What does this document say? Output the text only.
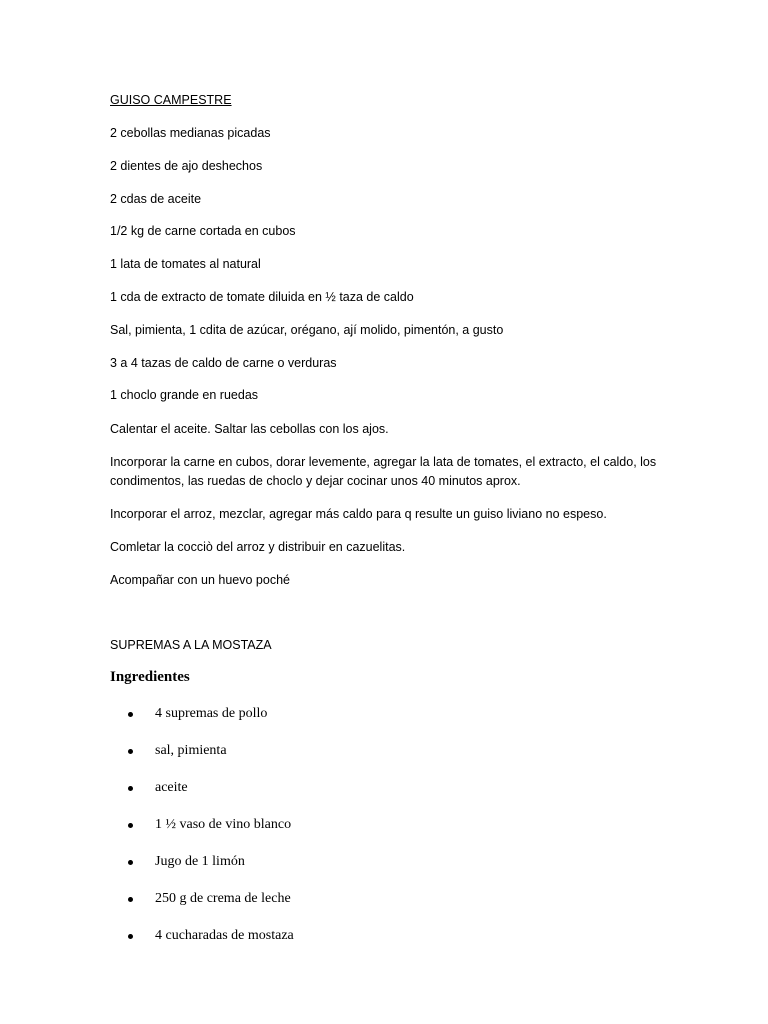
GUISO CAMPESTRE
2 cebollas medianas picadas
2 dientes de ajo deshechos
2 cdas de aceite
1/2 kg de carne cortada en cubos
1 lata de tomates al natural
1 cda de extracto de tomate diluida en ½ taza de caldo
Sal, pimienta, 1 cdita de azúcar, orégano, ají molido, pimentón, a gusto
3 a 4 tazas de caldo de carne o verduras
1 choclo grande en ruedas
Calentar el aceite. Saltar las cebollas con los ajos.
Incorporar la carne en cubos, dorar levemente, agregar la lata de tomates, el extracto, el caldo, los condimentos, las ruedas de choclo y dejar cocinar unos 40 minutos aprox.
Incorporar el arroz, mezclar, agregar más caldo para q resulte un guiso liviano no espeso.
Comletar la cocciò del arroz y distribuir en cazuelitas.
Acompañar con un huevo poché
SUPREMAS A LA MOSTAZA
Ingredientes
4 supremas de pollo
sal, pimienta
aceite
1 ½ vaso de vino blanco
Jugo de 1 limón
250 g de crema de leche
4 cucharadas de mostaza
